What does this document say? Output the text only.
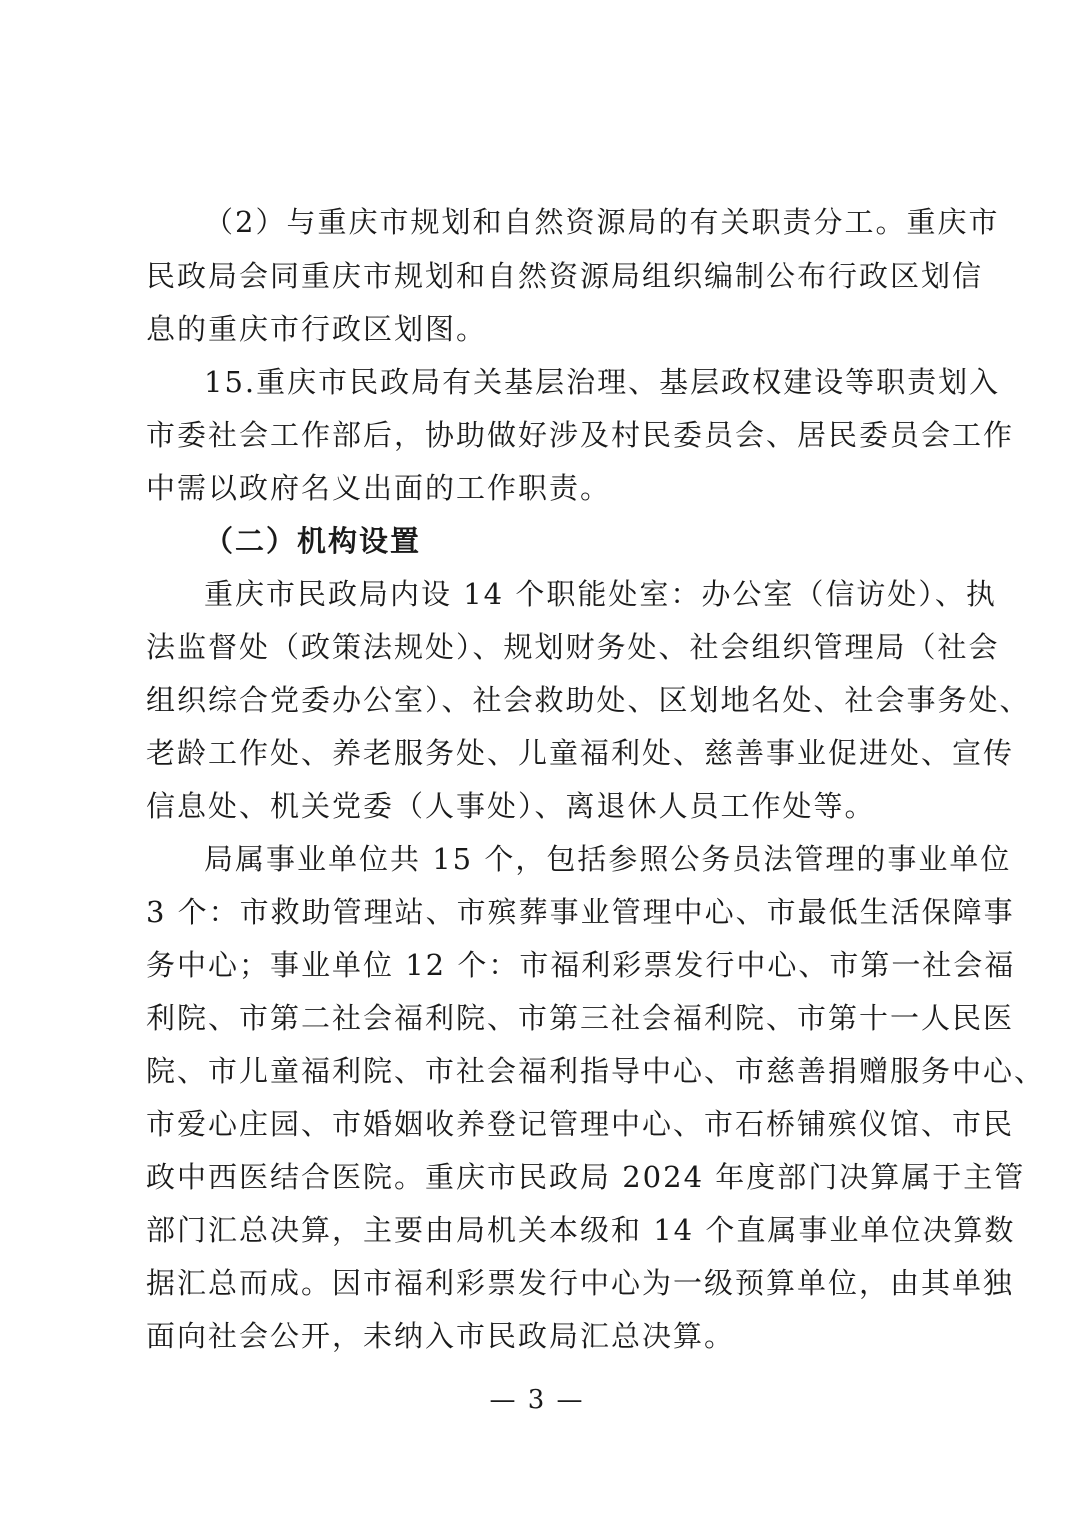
（2）与重庆市规划和自然资源局的有关职责分工。重庆市
民政局会同重庆市规划和自然资源局组织编制公布行政区划信
息的重庆市行政区划图。
15.重庆市民政局有关基层治理、基层政权建设等职责划入
市委社会工作部后，协助做好涉及村民委员会、居民委员会工作
中需以政府名义出面的工作职责。
（二）机构设置
重庆市民政局内设 14 个职能处室：办公室（信访处）、执
法监督处（政策法规处）、规划财务处、社会组织管理局（社会
组织综合党委办公室）、社会救助处、区划地名处、社会事务处、
老龄工作处、养老服务处、儿童福利处、慈善事业促进处、宣传
信息处、机关党委（人事处）、离退休人员工作处等。
局属事业单位共 15 个，包括参照公务员法管理的事业单位
3 个：市救助管理站、市殡葬事业管理中心、市最低生活保障事
务中心；事业单位 12 个：市福利彩票发行中心、市第一社会福
利院、市第二社会福利院、市第三社会福利院、市第十一人民医
院、市儿童福利院、市社会福利指导中心、市慈善捐赠服务中心、
市爱心庄园、市婚姻收养登记管理中心、市石桥铺殡仪馆、市民
政中西医结合医院。重庆市民政局 2024 年度部门决算属于主管
部门汇总决算，主要由局机关本级和 14 个直属事业单位决算数
据汇总而成。因市福利彩票发行中心为一级预算单位，由其单独
面向社会公开，未纳入市民政局汇总决算。
— 3 —
